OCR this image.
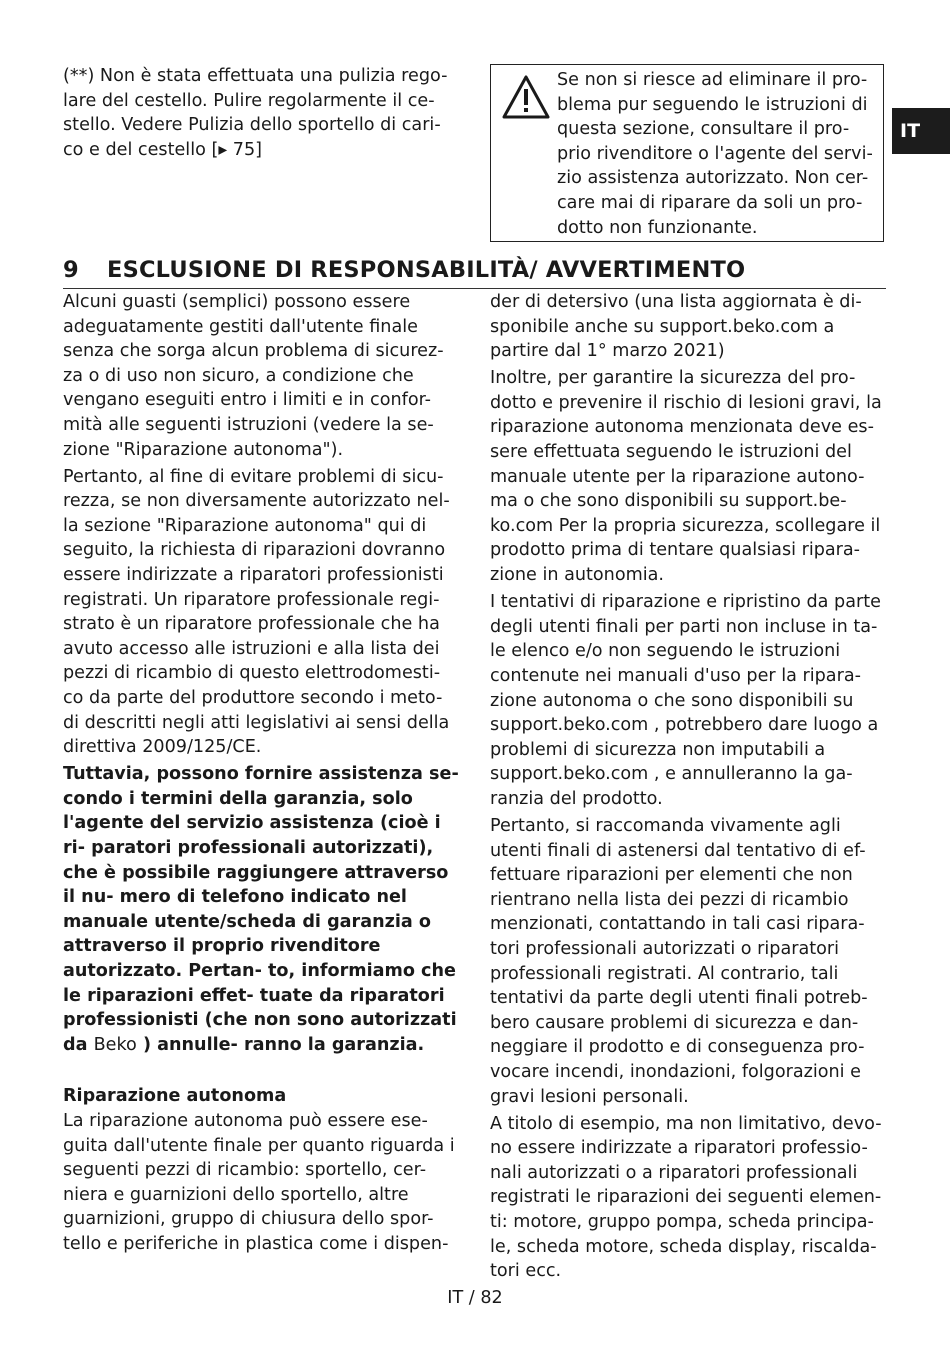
(**) Non è stata effettuata una pulizia rego- lare del cestello. Pulire regolarmente il ce- stello. Vedere Pulizia dello sportello di cari- co e del cestello [▸ 75]

Se non si riesce ad eliminare il pro- blema pur seguendo le istruzioni di questa sezione, consultare il pro- prio rivenditore o l'agente del servi- zio assistenza autorizzato. Non cer- care mai di riparare da soli un pro- dotto non funzionante.

IT
9 ESCLUSIONE DI RESPONSABILITÀ/ AVVERTIMENTO

Alcuni guasti (semplici) possono essere adeguatamente gestiti dall'utente finale senza che sorga alcun problema di sicurez- za o di uso non sicuro, a condizione che vengano eseguiti entro i limiti e in confor- mità alle seguenti istruzioni (vedere la se- zione "Riparazione autonoma").

Pertanto, al fine di evitare problemi di sicu- rezza, se non diversamente autorizzato nel- la sezione "Riparazione autonoma" qui di seguito, la richiesta di riparazioni dovranno essere indirizzate a riparatori professionisti registrati. Un riparatore professionale regi- strato è un riparatore professionale che ha avuto accesso alle istruzioni e alla lista dei pezzi di ricambio di questo elettrodomesti- co da parte del produttore secondo i meto- di descritti negli atti legislativi ai sensi della direttiva 2009/125/CE.

Tuttavia, possono fornire assistenza se- condo i termini della garanzia, solo l'agente del servizio assistenza (cioè i ri- paratori professionali autorizzati), che è possibile raggiungere attraverso il nu- mero di telefono indicato nel manuale utente/scheda di garanzia o attraverso il proprio rivenditore autorizzato. Pertan- to, informiamo che le riparazioni effet- tuate da riparatori professionisti (che non sono autorizzati da Beko ) annulle- ranno la garanzia.

Riparazione autonoma

La riparazione autonoma può essere ese- guita dall'utente finale per quanto riguarda i seguenti pezzi di ricambio: sportello, cer- niera e guarnizioni dello sportello, altre guarnizioni, gruppo di chiusura dello spor- tello e periferiche in plastica come i dispen-

der di detersivo (una lista aggiornata è di- sponibile anche su support.beko.com a partire dal 1° marzo 2021)

Inoltre, per garantire la sicurezza del pro- dotto e prevenire il rischio di lesioni gravi, la riparazione autonoma menzionata deve es- sere effettuata seguendo le istruzioni del manuale utente per la riparazione autono- ma o che sono disponibili su support.be- ko.com Per la propria sicurezza, scollegare il prodotto prima di tentare qualsiasi ripara- zione in autonomia.

I tentativi di riparazione e ripristino da parte degli utenti finali per parti non incluse in ta- le elenco e/o non seguendo le istruzioni contenute nei manuali d'uso per la ripara- zione autonoma o che sono disponibili su support.beko.com , potrebbero dare luogo a problemi di sicurezza non imputabili a support.beko.com , e annulleranno la ga- ranzia del prodotto.

Pertanto, si raccomanda vivamente agli utenti finali di astenersi dal tentativo di ef- fettuare riparazioni per elementi che non rientrano nella lista dei pezzi di ricambio menzionati, contattando in tali casi ripara- tori professionali autorizzati o riparatori professionali registrati. Al contrario, tali tentativi da parte degli utenti finali potreb- bero causare problemi di sicurezza e dan- neggiare il prodotto e di conseguenza pro- vocare incendi, inondazioni, folgorazioni e gravi lesioni personali.

A titolo di esempio, ma non limitativo, devo- no essere indirizzate a riparatori professio- nali autorizzati o a riparatori professionali registrati le riparazioni dei seguenti elemen- ti: motore, gruppo pompa, scheda principa- le, scheda motore, scheda display, riscalda- tori ecc.

IT / 82
